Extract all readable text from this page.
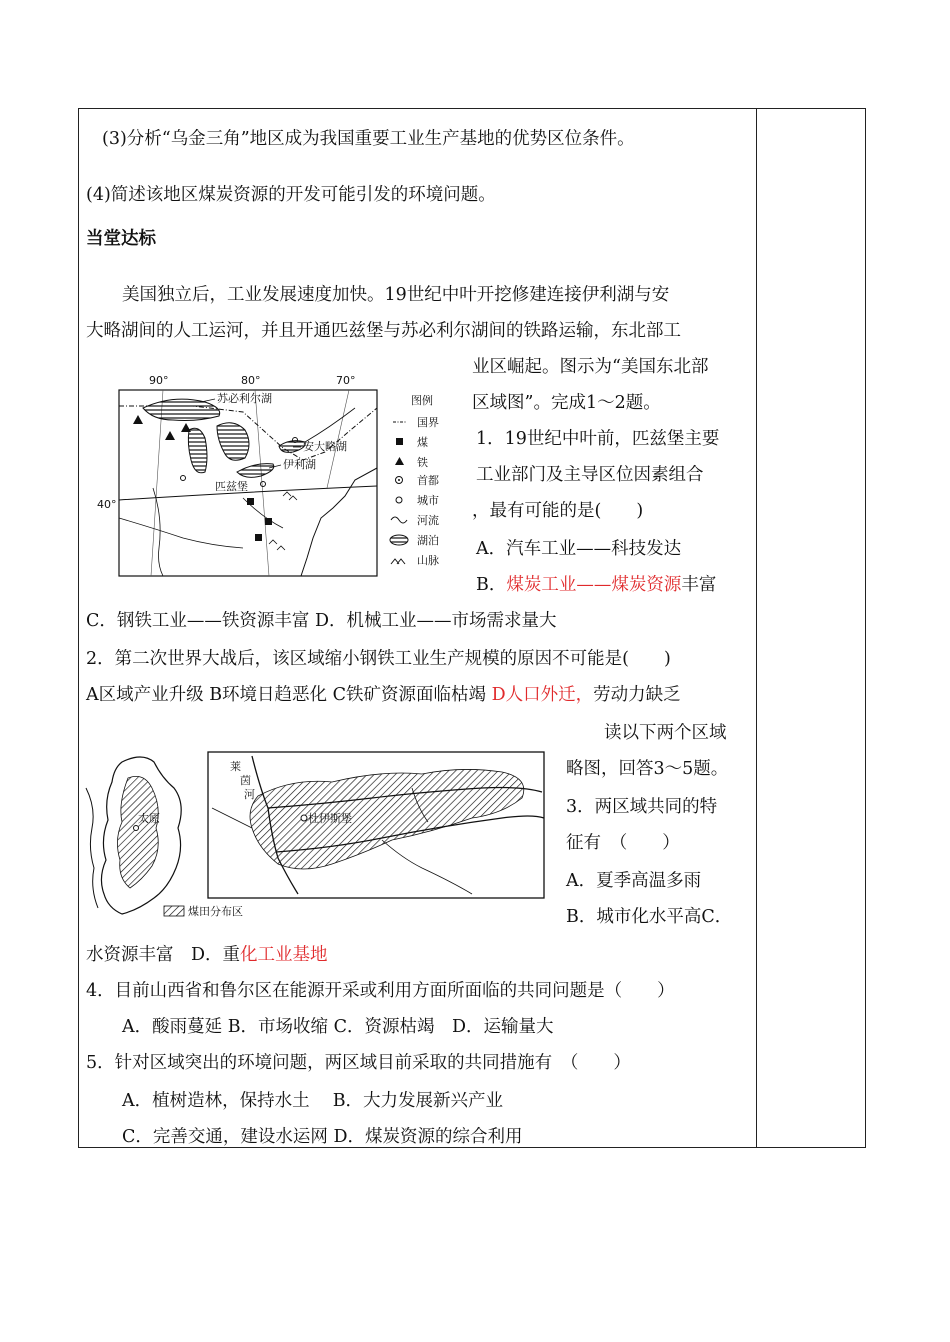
(3)分析“乌金三角”地区成为我国重要工业生产基地的优势区位条件。
(4)简述该地区煤炭资源的开发可能引发的环境问题。
当堂达标
美国独立后，工业发展速度加快。19世纪中叶开挖修建连接伊利湖与安
大略湖间的人工运河，并且开通匹兹堡与苏必利尔湖间的铁路运输，东北部工
业区崛起。图示为“美国东北部
区域图”。完成1～2题。
90°	80°	70°
40°
苏必利尔湖
安大略湖
伊利湖
匹兹堡
图例
国界
煤
铁
首都
城市
河流
湖泊
山脉
1．19世纪中叶前，匹兹堡主要
工业部门及主导区位因素组合
，最有可能的是(　　)
A．汽车工业——科技发达
B．煤炭工业——煤炭资源丰富
C．钢铁工业——铁资源丰富 D．机械工业——市场需求量大
2．第二次世界大战后，该区域缩小钢铁工业生产规模的原因不可能是(　　)
A区域产业升级 B环境日趋恶化 C铁矿资源面临枯竭 D人口外迁，劳动力缺乏
太原
莱
茵
河
杜伊斯堡
煤田分布区
读以下两个区域
略图，回答3～5题。
3．两区域共同的特
征有　（　　）
A．夏季高温多雨
B．城市化水平高C．
水资源丰富　D．重化工业基地
4．目前山西省和鲁尔区在能源开采或利用方面所面临的共同问题是（　　）
A．酸雨蔓延 B．市场收缩 C．资源枯竭　D．运输量大
5．针对区域突出的环境问题，两区域目前采取的共同措施有　（　　）
A．植树造林，保持水土　 B．大力发展新兴产业
C．完善交通，建设水运网 D．煤炭资源的综合利用
